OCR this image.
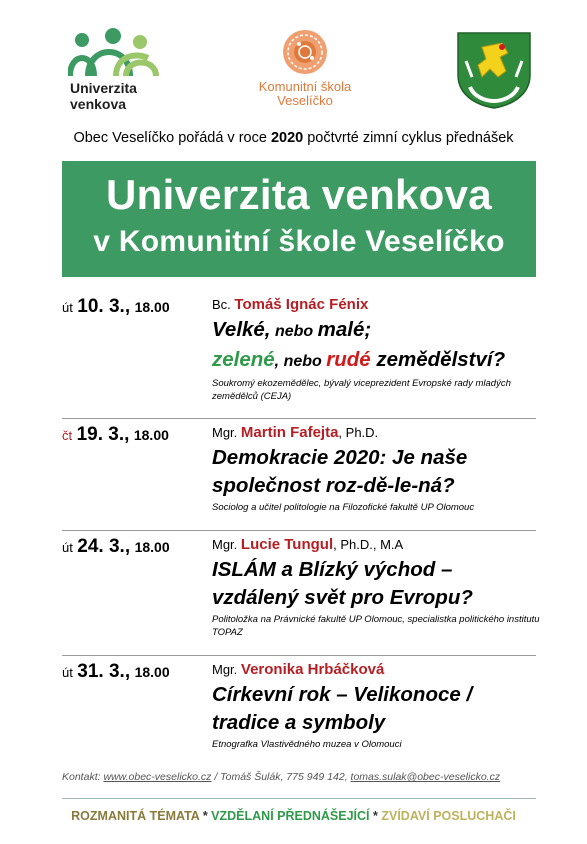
Univerzita
venkova
Komunitní škola
Veselíčko
Obec Veselíčko pořádá v roce 2020 počtvrté zimní cyklus přednášek
Univerzita venkova
v Komunitní škole Veselíčko
út 10. 3., 18.00	Bc. Tomáš Ignác Fénix
Velké, nebo malé;
zelené, nebo rudé zemědělství?
Soukromý ekozemědělec, bývalý viceprezident Evropské rady mladých zemědělců (CEJA)
čt 19. 3., 18.00	Mgr. Martin Fafejta, Ph.D.
Demokracie 2020: Je naše
společnost roz-dě-le-ná?
Sociolog a učitel politologie na Filozofické fakultě UP Olomouc
út 24. 3., 18.00	Mgr. Lucie Tungul, Ph.D., M.A
ISLÁM a Blízký východ –
vzdálený svět pro Evropu?
Politoložka na Právnické fakultě UP Olomouc, specialistka politického institutu TOPAZ
út 31. 3., 18.00	Mgr. Veronika Hrbáčková
Církevní rok – Velikonoce /
tradice a symboly
Etnografka Vlastivědného muzea v Olomouci
Kontakt: www.obec-veselicko.cz / Tomáš Šulák, 775 949 142, tomas.sulak@obec-veselicko.cz
ROZMANITÁ TÉMATA * VZDĚLANÍ PŘEDNÁŠEJÍCÍ * ZVÍDAVÍ POSLUCHAČI
